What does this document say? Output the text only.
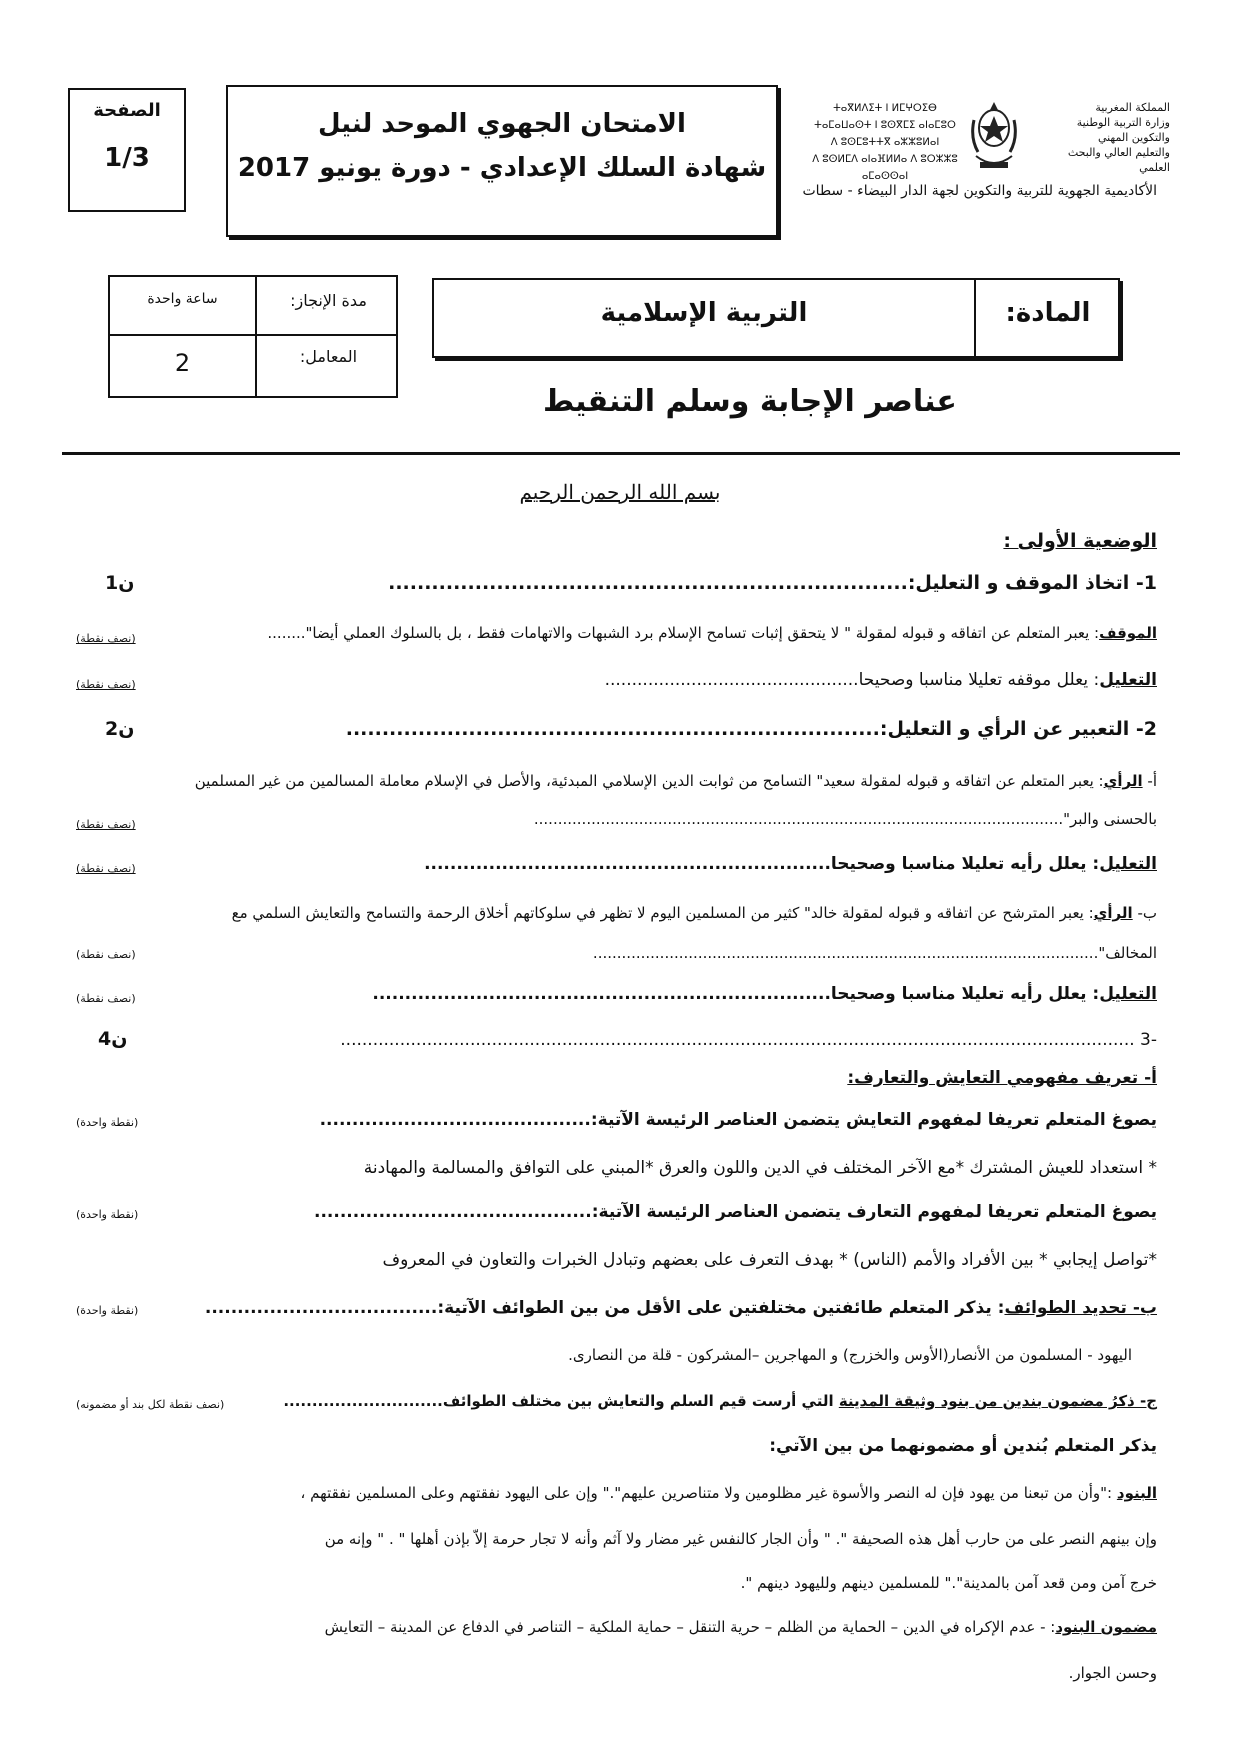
الصفحة
1/3
الامتحان الجهوي الموحد لنيل
شهادة السلك الإعدادي - دورة يونيو 2017
ⵜⴰⴳⵍⴷⵉⵜ ⵏ ⵍⵎⵖⵔⵉⴱ
ⵜⴰⵎⴰⵡⴰⵙⵜ ⵏ ⵓⵙⴳⵎⵉ ⴰⵏⴰⵎⵓⵔ
ⴷ ⵓⵙⵎⵓⵜⵜⴳ ⴰⵣⵣⵓⵍⴰⵏ
ⴷ ⵓⵙⵍⵎⴷ ⴰⵏⴰⴼⵍⵍⴰ ⴷ ⵓⵔⵣⵣⵓ ⴰⵎⴰⵙⵙⴰⵏ
المملكة المغربية
وزارة التربية الوطنية
والتكوين المهني
والتعليم العالي والبحث العلمي
الأكاديمية الجهوية للتربية والتكوين لجهة الدار البيضاء - سطات
ساعة واحدة	مدة الإنجاز:
2	المعامل:
التربية الإسلامية	المادة:
عناصر الإجابة وسلم التنقيط
بسم الله الرحمن الرحيم
الوضعية الأولى :
1- اتخاذ الموقف و التعليل:........................................................................
1ن
الموقف: يعبر المتعلم عن اتفاقه و قبوله لمقولة " لا يتحقق إثبات تسامح الإسلام برد الشبهات والاتهامات فقط ، بل بالسلوك العملي أيضا"........
(نصف نقطة)
التعليل: يعلل موقفه تعليلا مناسبا وصحيحا...............................................
(نصف نقطة)
2- التعبير عن الرأي و التعليل:..........................................................................
2ن
أ- الرأي: يعبر المتعلم عن اتفاقه و قبوله لمقولة سعيد" التسامح من ثوابت الدين الإسلامي المبدئية، والأصل في الإسلام معاملة المسالمين من غير المسلمين
بالحسنى والبر"...............................................................................................................
(نصف نقطة)
التعليل: يعلل رأيه تعليلا مناسبا وصحيحا...............................................................
(نصف نقطة)
ب- الرأي: يعبر المترشح عن اتفاقه و قبوله لمقولة خالد" كثير من المسلمين اليوم لا تظهر في سلوكاتهم أخلاق الرحمة والتسامح والتعايش السلمي مع
المخالف"..........................................................................................................
(نصف نقطة)
التعليل: يعلل رأيه تعليلا مناسبا وصحيحا.......................................................................
(نصف نقطة)
-3 ...................................................................................................................................................
4ن
أ- تعريف مفهومي التعايش والتعارف:
يصوغ المتعلم تعريفا لمفهوم التعايش يتضمن العناصر الرئيسة الآتية:..........................................
(نقطة واحدة)
* استعداد للعيش المشترك *مع الآخر المختلف في الدين واللون والعرق *المبني على التوافق والمسالمة والمهادنة
يصوغ المتعلم تعريفا لمفهوم التعارف يتضمن العناصر الرئيسة الآتية:...........................................
(نقطة واحدة)
*تواصل إيجابي * بين الأفراد والأمم (الناس) * بهدف التعرف على بعضهم وتبادل الخبرات والتعاون في المعروف
ب- تحديد الطوائف: يذكر المتعلم طائفتين مختلفتين على الأقل من بين الطوائف الآتية:....................................
(نقطة واحدة)
اليهود - المسلمون من الأنصار(الأوس والخزرج) و المهاجرين –المشركون - قلة من النصارى.
ج- ذكرُ مضمون بندين من بنود وثيقة المدينة التي أرست قيم السلم والتعايش بين مختلف الطوائف............................
(نصف نقطة لكل بند أو مضمونه)
يذكر المتعلم بُندين أو مضمونهما من بين الآتي:
البنود :"وأن من تبعنا من يهود فإن له النصر والأسوة غير مظلومين ولا متناصرين عليهم"." وإن على اليهود نفقتهم وعلى المسلمين نفقتهم ،
وإن بينهم النصر على من حارب أهل هذه الصحيفة ". " وأن الجار كالنفس غير مضار ولا آثم وأنه لا تجار حرمة إلاّ بإذن أهلها " . " وإنه من
خرج آمن ومن قعد آمن بالمدينة"." للمسلمين دينهم ولليهود دينهم ".
مضمون البنود: - عدم الإكراه في الدين – الحماية من الظلم – حرية التنقل – حماية الملكية – التناصر في الدفاع عن المدينة – التعايش
وحسن الجوار.
